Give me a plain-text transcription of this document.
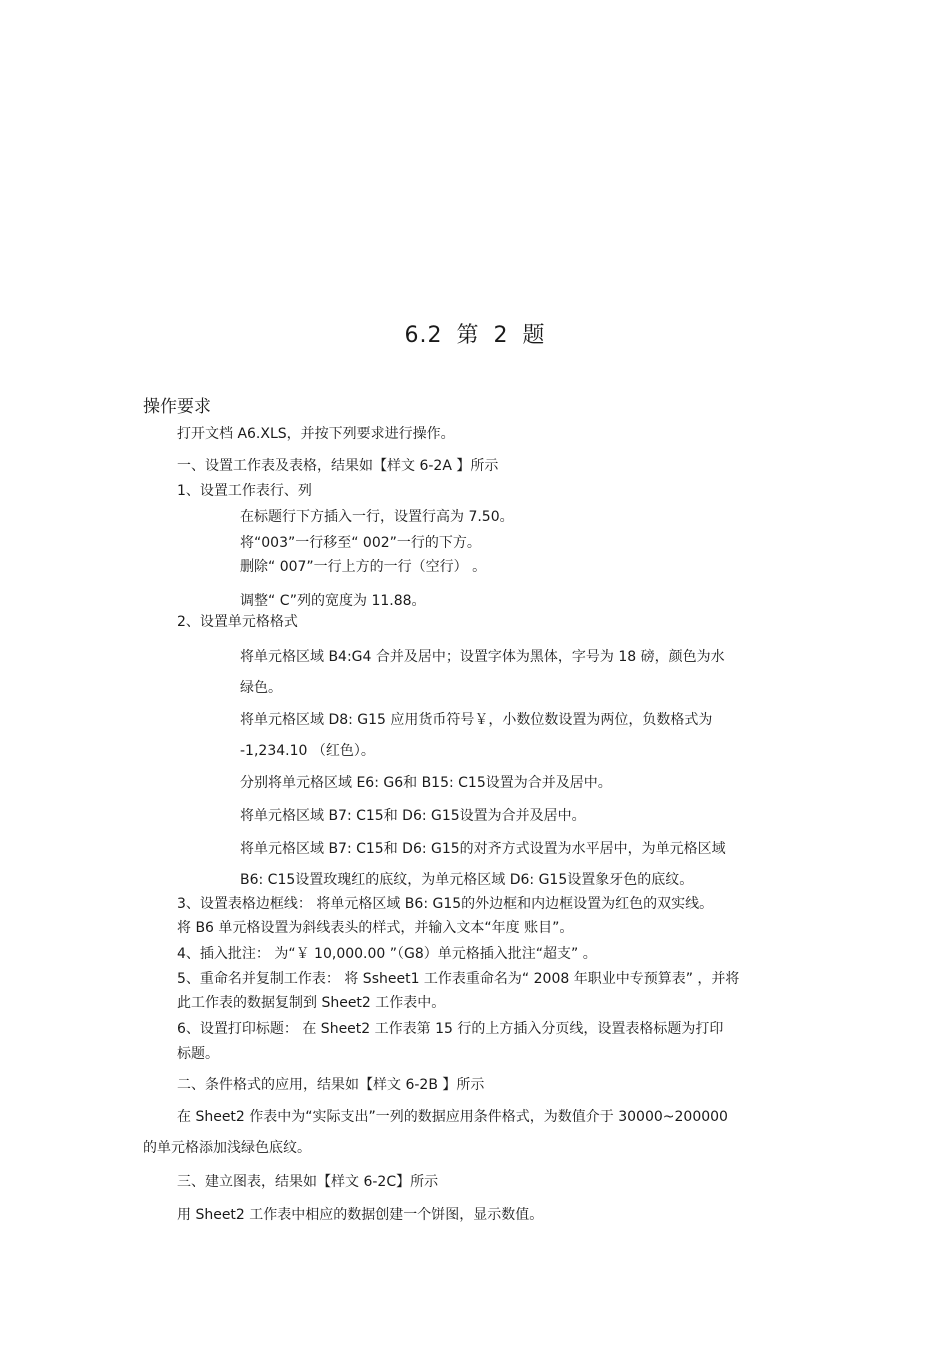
6.2 第 2 题
操作要求
打开文档 A6.XLS，并按下列要求进行操作。
一、设置工作表及表格，结果如【样文 6-2A 】所示
1、设置工作表行、列
在标题行下方插入一行，设置行高为 7.50。
将“003”一行移至“ 002”一行的下方。
删除“ 007”一行上方的一行（空行） 。
调整“ C”列的宽度为 11.88。
2、设置单元格格式
将单元格区域 B4:G4 合并及居中；设置字体为黑体，字号为 18 磅，颜色为水
绿色。
将单元格区域 D8: G15 应用货币符号￥，小数位数设置为两位，负数格式为
-1,234.10 （红色）。
分别将单元格区域 E6: G6和 B15: C15设置为合并及居中。
将单元格区域 B7: C15和 D6: G15设置为合并及居中。
将单元格区域 B7: C15和 D6: G15的对齐方式设置为水平居中，为单元格区域
B6: C15设置玫瑰红的底纹，为单元格区域 D6: G15设置象牙色的底纹。
3、设置表格边框线： 将单元格区域 B6: G15的外边框和内边框设置为红色的双实线。
将 B6 单元格设置为斜线表头的样式，并输入文本“年度 账目”。
4、插入批注： 为“￥ 10,000.00 ”（G8）单元格插入批注“超支” 。
5、重命名并复制工作表： 将 Ssheet1 工作表重命名为“ 2008 年职业中专预算表” ，并将
此工作表的数据复制到 Sheet2 工作表中。
6、设置打印标题： 在 Sheet2 工作表第 15 行的上方插入分页线，设置表格标题为打印
标题。
二、条件格式的应用，结果如【样文 6-2B 】所示
在 Sheet2 作表中为“实际支出”一列的数据应用条件格式，为数值介于 30000~200000
的单元格添加浅绿色底纹。
三、建立图表，结果如【样文 6-2C】所示
用 Sheet2 工作表中相应的数据创建一个饼图，显示数值。
